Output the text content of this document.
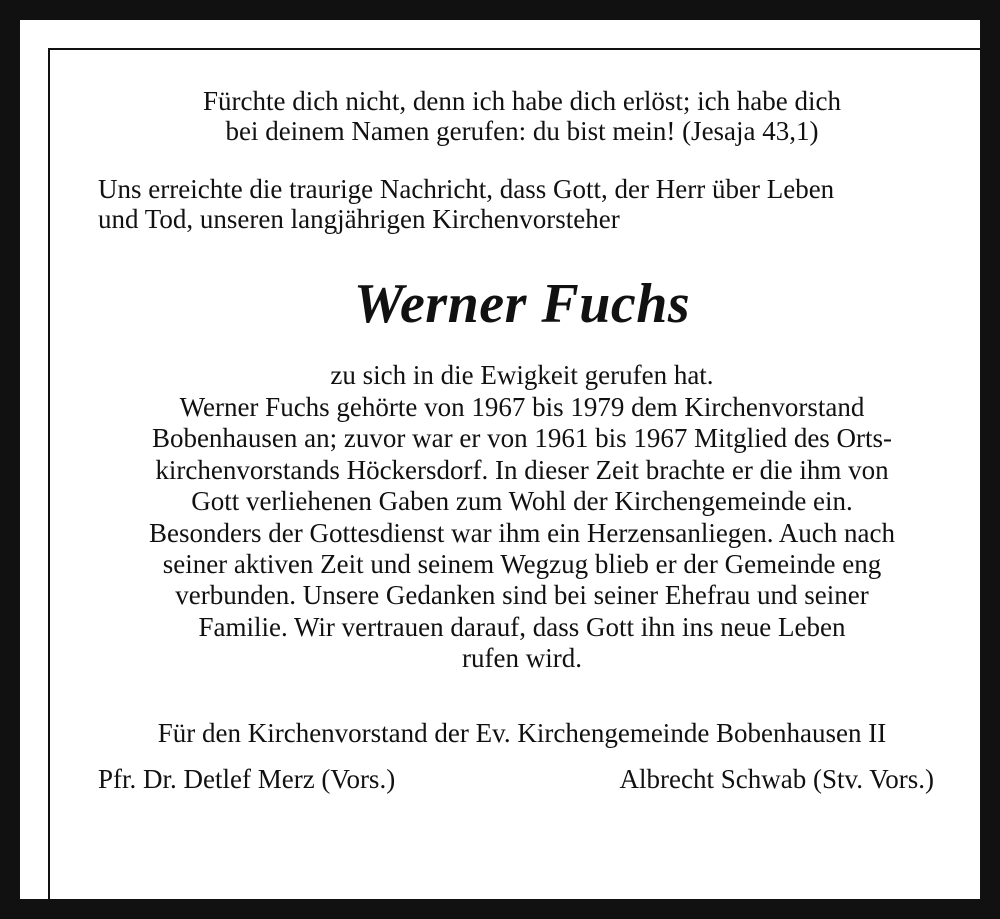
Fürchte dich nicht, denn ich habe dich erlöst; ich habe dich
bei deinem Namen gerufen: du bist mein! (Jesaja 43,1)

Uns erreichte die traurige Nachricht, dass Gott, der Herr über Leben
und Tod, unseren langjährigen Kirchenvorsteher

Werner Fuchs

zu sich in die Ewigkeit gerufen hat.

Werner Fuchs gehörte von 1967 bis 1979 dem Kirchenvorstand
Bobenhausen an; zuvor war er von 1961 bis 1967 Mitglied des Orts-
kirchenvorstands Höckersdorf. In dieser Zeit brachte er die ihm von
Gott verliehenen Gaben zum Wohl der Kirchengemeinde ein.
Besonders der Gottesdienst war ihm ein Herzensanliegen. Auch nach
seiner aktiven Zeit und seinem Wegzug blieb er der Gemeinde eng
verbunden. Unsere Gedanken sind bei seiner Ehefrau und seiner
Familie. Wir vertrauen darauf, dass Gott ihn ins neue Leben
rufen wird.

Für den Kirchenvorstand der Ev. Kirchengemeinde Bobenhausen II

Pfr. Dr. Detlef Merz (Vors.)	Albrecht Schwab (Stv. Vors.)
